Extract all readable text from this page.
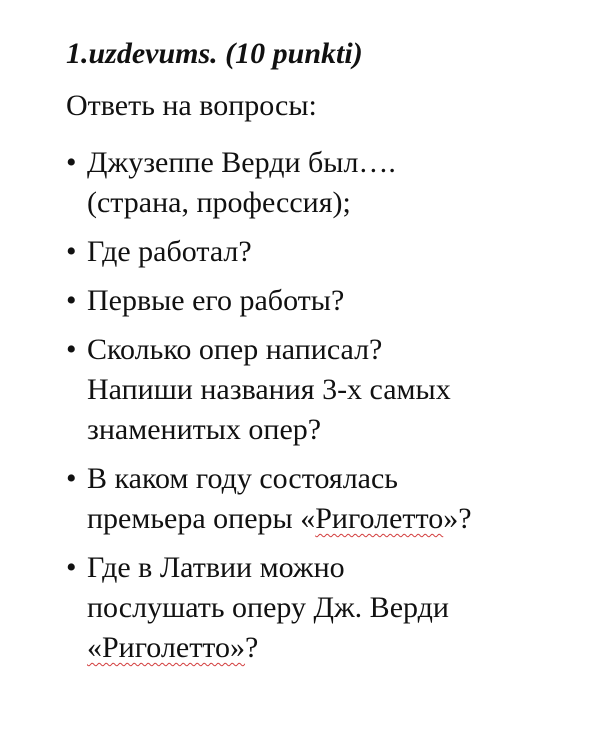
1.uzdevums. (10 punkti)
Ответь на вопросы:
• Джузеппе Верди был….
(страна, профессия);
• Где работал?
• Первые его работы?
• Сколько опер написал?
Напиши названия 3-х самых
знаменитых опер?
• В каком году состоялась
премьера оперы «Риголетто»?
• Где в Латвии можно
послушать оперу Дж. Верди
«Риголетто»?
